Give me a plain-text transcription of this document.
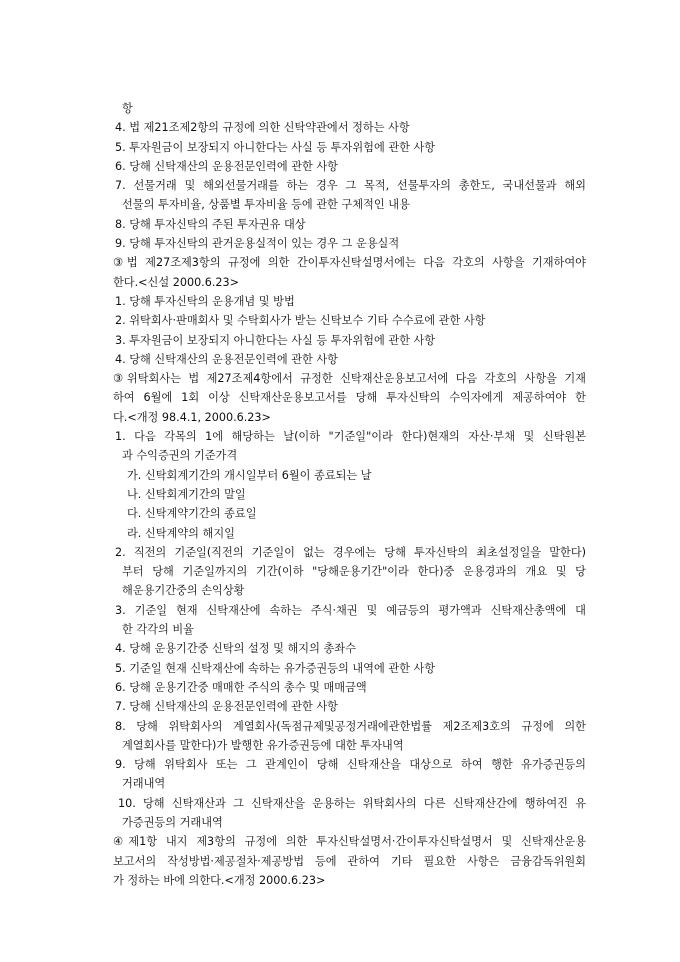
항
4. 법 제21조제2항의 규정에 의한 신탁약관에서 정하는 사항
5. 투자원금이 보장되지 아니한다는 사실 등 투자위험에 관한 사항
6. 당해 신탁재산의 운용전문인력에 관한 사항
7. 선물거래 및 해외선물거래를 하는 경우 그 목적, 선물투자의 총한도, 국내선물과 해외
선물의 투자비율, 상품별 투자비율 등에 관한 구체적인 내용
8. 당해 투자신탁의 주된 투자권유 대상
9. 당해 투자신탁의 관거운용실적이 있는 경우 그 운용실적
③법 제27조제3항의 규정에 의한 간이투자신탁설명서에는 다음 각호의 사항을 기재하여야
한다.<신설 2000.6.23>
1. 당해 투자신탁의 운용개념 및 방법
2. 위탁회사·판매회사 및 수탁회사가 받는 신탁보수 기타 수수료에 관한 사항
3. 투자원금이 보장되지 아니한다는 사실 등 투자위험에 관한 사항
4. 당해 신탁재산의 운용전문인력에 관한 사항
③위탁회사는 법 제27조제4항에서 규정한 신탁재산운용보고서에 다음 각호의 사항을 기재
하여 6월에 1회 이상 신탁재산운용보고서를 당해 투자신탁의 수익자에게 제공하여야 한
다.<개정 98.4.1, 2000.6.23>
1. 다음 각목의 1에 해당하는 날(이하 "기준일"이라 한다)현재의 자산·부채 및 신탁원본
과 수익증권의 기준가격
가. 신탁회계기간의 개시일부터 6월이 종료되는 날
나. 신탁회계기간의 말일
다. 신탁계약기간의 종료일
라. 신탁계약의 해지일
2. 직전의 기준일(직전의 기준일이 없는 경우에는 당해 투자신탁의 최초설정일을 말한다)
부터 당해 기준일까지의 기간(이하 "당해운용기간"이라 한다)중 운용경과의 개요 및 당
해운용기간중의 손익상황
3. 기준일 현재 신탁재산에 속하는 주식·채권 및 예금등의 평가액과 신탁재산총액에 대
한 각각의 비율
4. 당해 운용기간중 신탁의 설정 및 해지의 총좌수
5. 기준일 현재 신탁재산에 속하는 유가증권등의 내역에 관한 사항
6. 당해 운용기간중 매매한 주식의 총수 및 매매금액
7. 당해 신탁재산의 운용전문인력에 관한 사항
8. 당해 위탁회사의 계열회사(독점규제및공정거래에관한법률 제2조제3호의 규정에 의한
계열회사를 말한다)가 발행한 유가증권등에 대한 투자내역
9. 당해 위탁회사 또는 그 관계인이 당해 신탁재산을 대상으로 하여 행한 유가증권등의
거래내역
10. 당해 신탁재산과 그 신탁재산을 운용하는 위탁회사의 다른 신탁재산간에 행하여진 유
가증권등의 거래내역
④제1항 내지 제3항의 규정에 의한 투자신탁설명서·간이투자신탁설명서 및 신탁재산운용
보고서의 작성방법·제공절차·제공방법 등에 관하여 기타 필요한 사항은 금융감독위원회
가 정하는 바에 의한다.<개정 2000.6.23>
